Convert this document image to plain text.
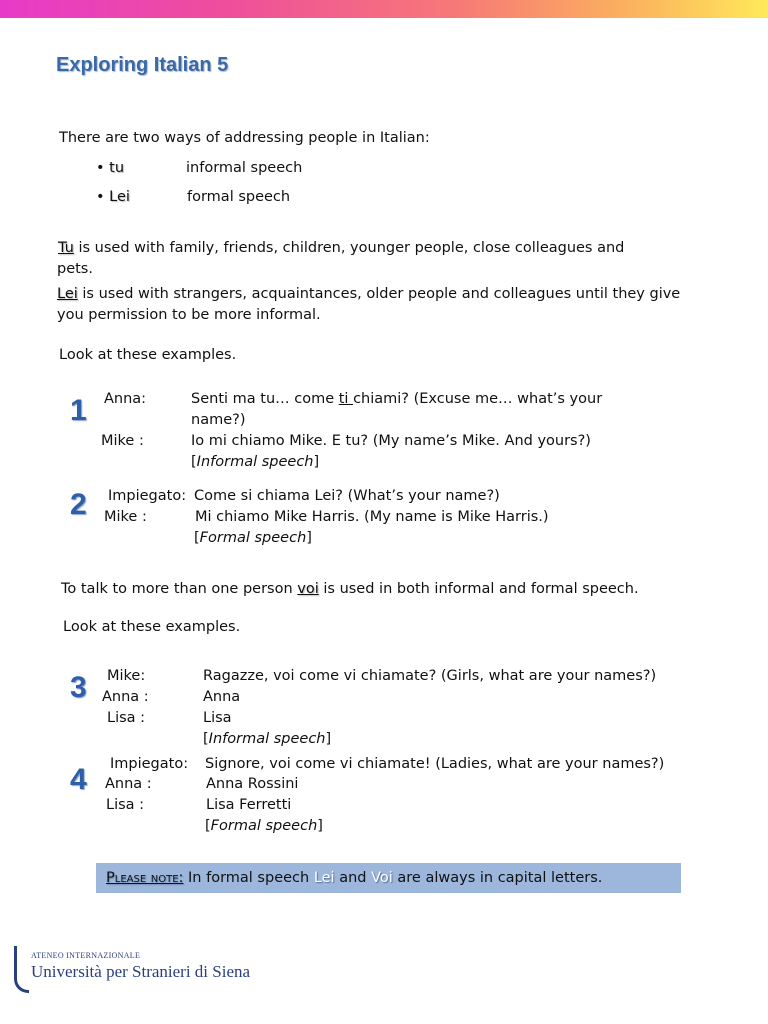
Exploring Italian 5
There are two ways of addressing people in Italian:
• tu	informal speech
• Lei	formal speech
Tu is used with family, friends, children, younger people, close colleagues and
pets.
Lei is used with strangers, acquaintances, older people and colleagues until they give
you permission to be more informal.
Look at these examples.
1 Anna:	Senti ma tu… come ti chiami? (Excuse me… what’s your
name?)
Mike :	Io mi chiamo Mike. E tu? (My name’s Mike. And yours?)
[Informal speech]
2 Impiegato: Come si chiama Lei? (What’s your name?)
Mike :	Mi chiamo Mike Harris. (My name is Mike Harris.)
[Formal speech]
To talk to more than one person voi is used in both informal and formal speech.
Look at these examples.
3 Mike:	Ragazze, voi come vi chiamate? (Girls, what are your names?)
Anna :	Anna
Lisa :	Lisa
[Informal speech]
4 Impiegato: Signore, voi come vi chiamate! (Ladies, what are your names?)
Anna :	Anna Rossini
Lisa :	Lisa Ferretti
[Formal speech]
Please note: In formal speech Lei and Voi are always in capital letters.
ATENEO INTERNAZIONALE
Università per Stranieri di Siena
